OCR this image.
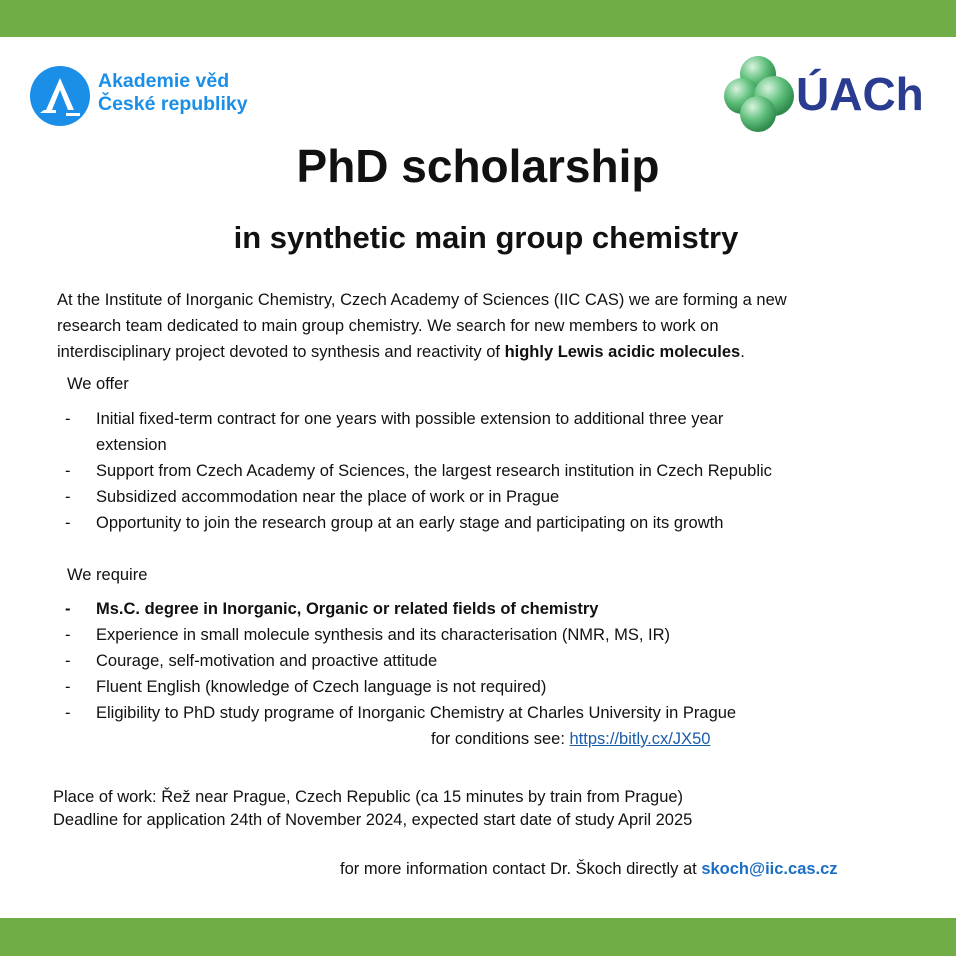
Akademie věd
České republiky	ÚACh
PhD scholarship
in synthetic main group chemistry

At the Institute of Inorganic Chemistry, Czech Academy of Sciences (IIC CAS) we are forming a new
research team dedicated to main group chemistry. We search for new members to work on
interdisciplinary project devoted to synthesis and reactivity of highly Lewis acidic molecules.

We offer

- Initial fixed-term contract for one years with possible extension to additional three year
extension
- Support from Czech Academy of Sciences, the largest research institution in Czech Republic
- Subsidized accommodation near the place of work or in Prague
- Opportunity to join the research group at an early stage and participating on its growth

We require

- Ms.C. degree in Inorganic, Organic or related fields of chemistry
- Experience in small molecule synthesis and its characterisation (NMR, MS, IR)
- Courage, self-motivation and proactive attitude
- Fluent English (knowledge of Czech language is not required)
- Eligibility to PhD study programe of Inorganic Chemistry at Charles University in Prague

for conditions see: https://bitly.cx/JX50

Place of work: Řež near Prague, Czech Republic (ca 15 minutes by train from Prague)

Deadline for application 24th of November 2024, expected start date of study April 2025

for more information contact Dr. Škoch directly at skoch@iic.cas.cz
